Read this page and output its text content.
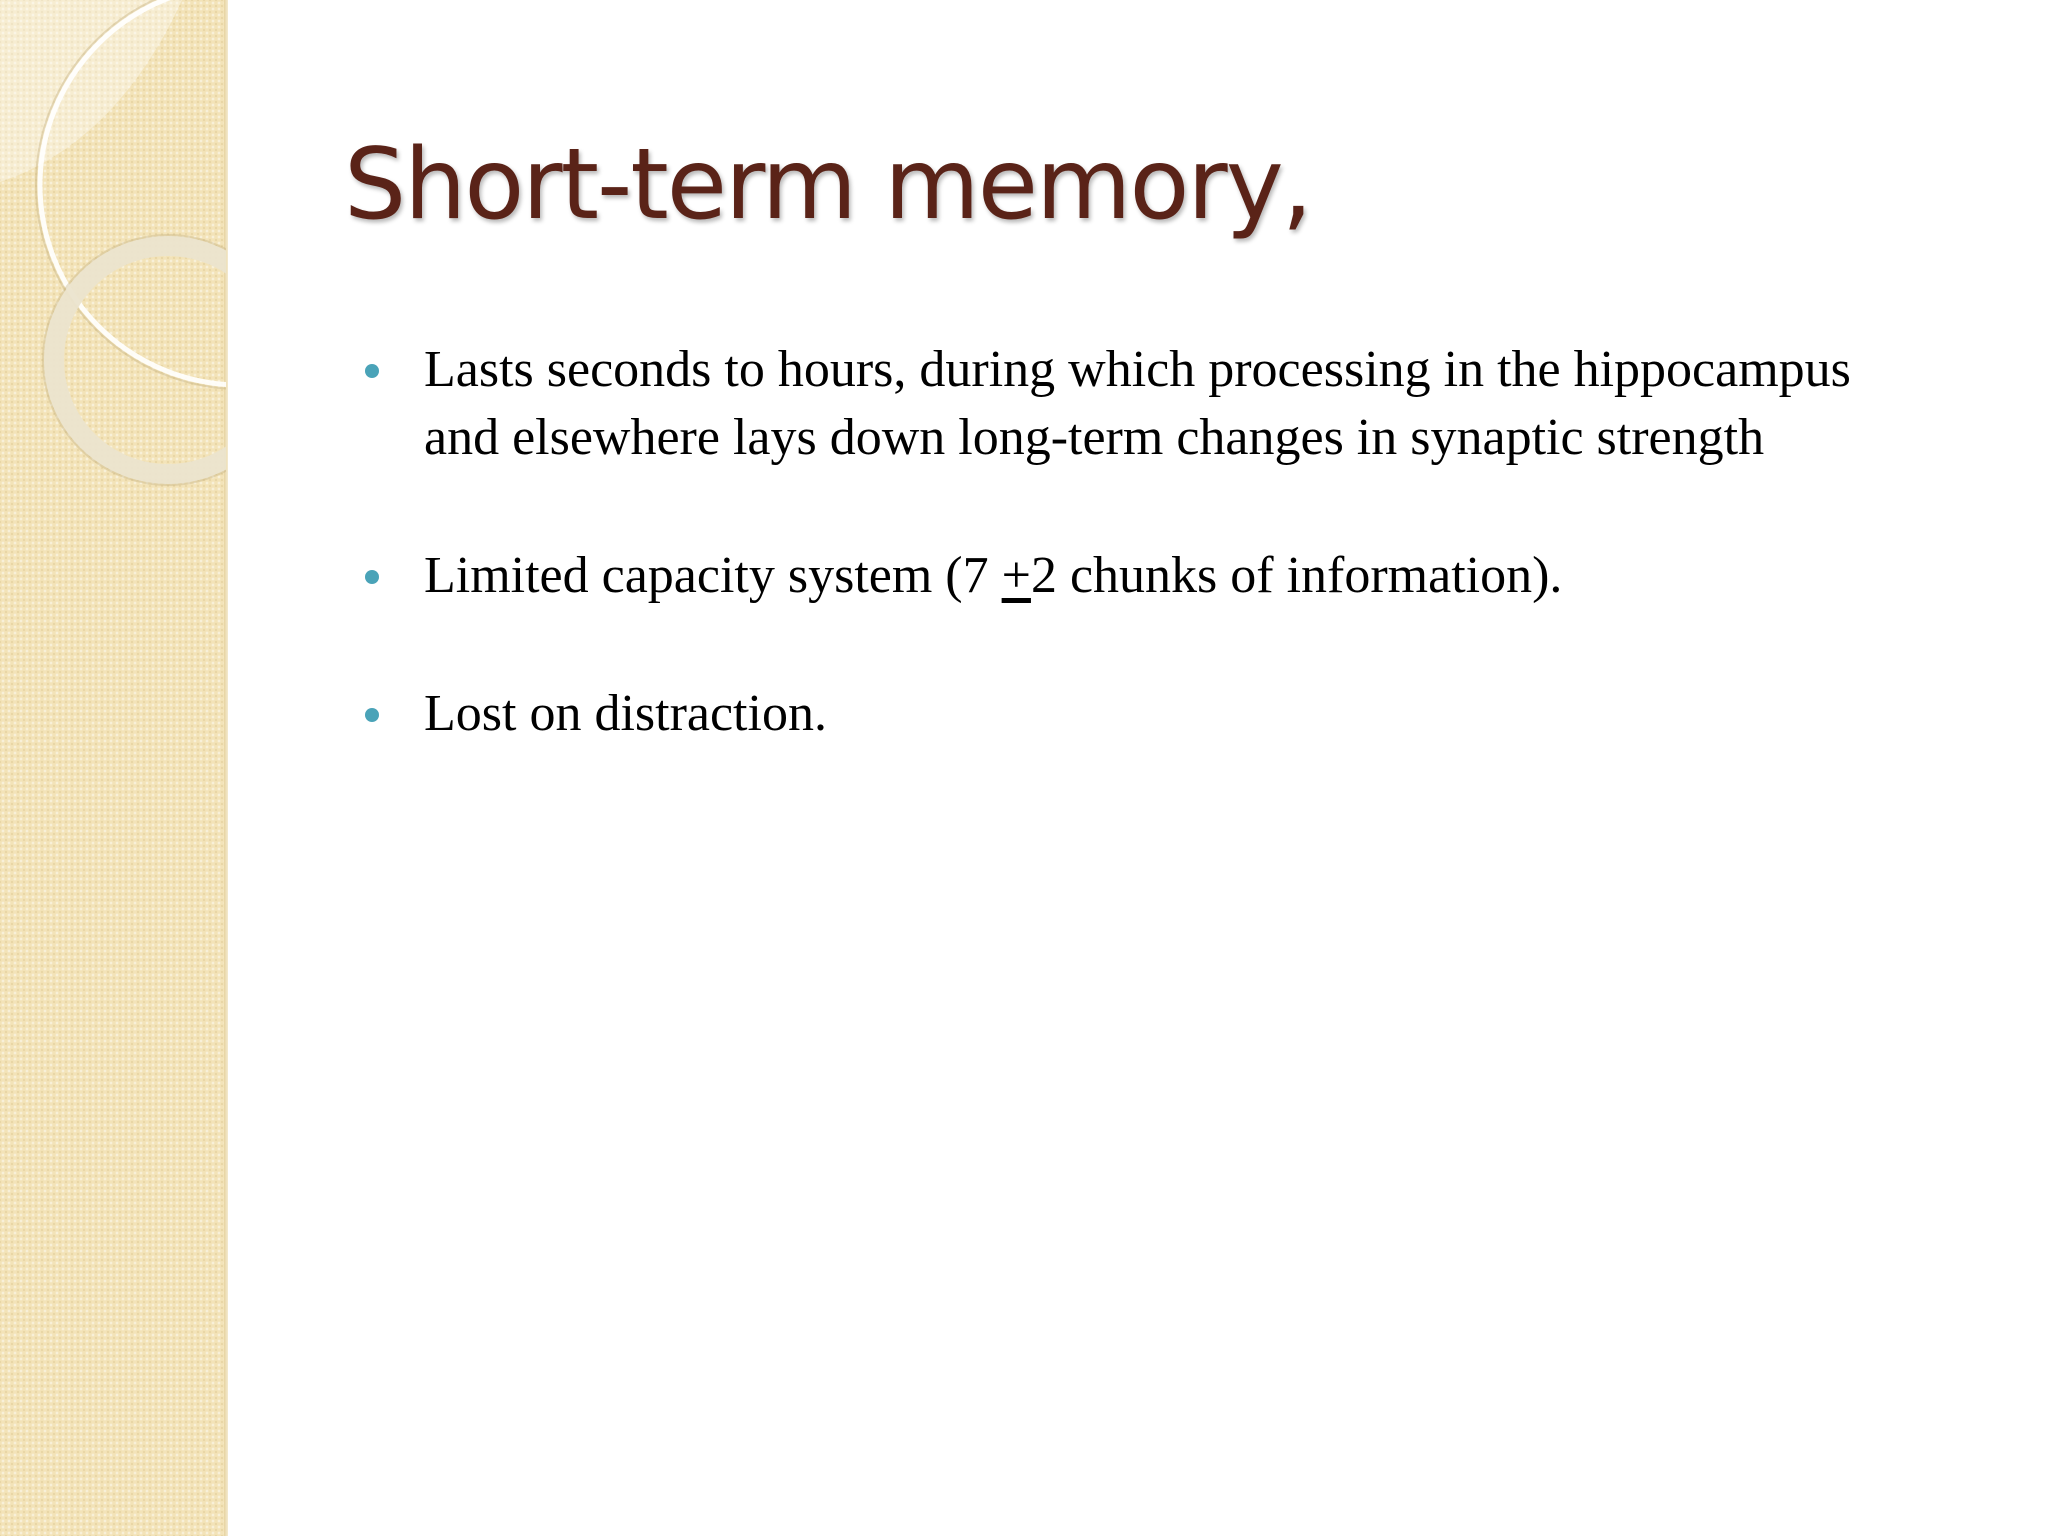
Short-term memory,
Lasts seconds to hours, during which processing in the hippocampus and elsewhere lays down long-term changes in synaptic strength
Limited capacity system (7 +2 chunks of information).
Lost on distraction.
